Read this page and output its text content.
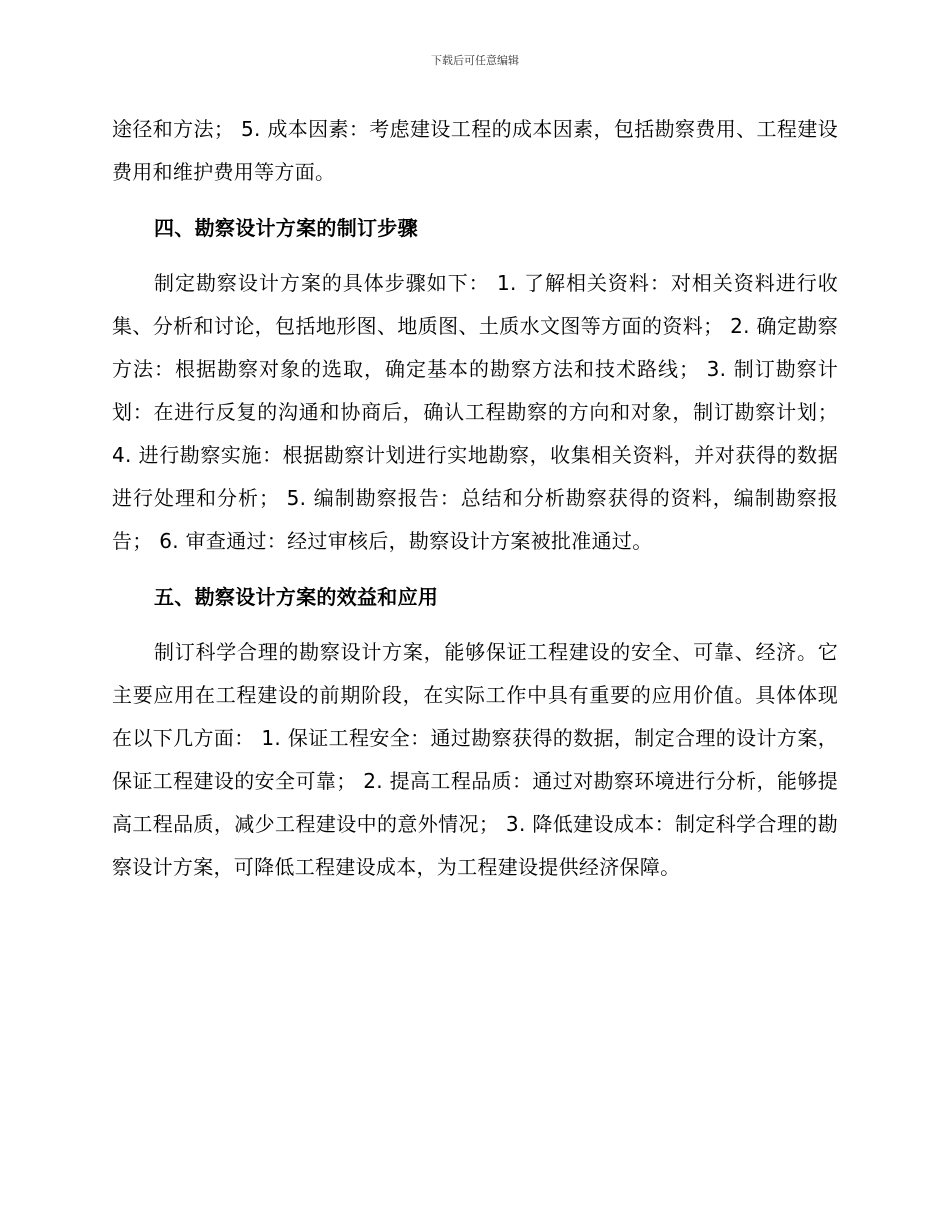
下载后可任意编辑

途径和方法； 5. 成本因素：考虑建设工程的成本因素，包括勘察费用、工程建设费用和维护费用等方面。

四、勘察设计方案的制订步骤

制定勘察设计方案的具体步骤如下： 1. 了解相关资料：对相关资料进行收集、分析和讨论，包括地形图、地质图、土质水文图等方面的资料； 2. 确定勘察方法：根据勘察对象的选取，确定基本的勘察方法和技术路线； 3. 制订勘察计划：在进行反复的沟通和协商后，确认工程勘察的方向和对象，制订勘察计划； 4. 进行勘察实施：根据勘察计划进行实地勘察，收集相关资料，并对获得的数据进行处理和分析； 5. 编制勘察报告：总结和分析勘察获得的资料，编制勘察报告； 6. 审查通过：经过审核后，勘察设计方案被批准通过。

五、勘察设计方案的效益和应用

制订科学合理的勘察设计方案，能够保证工程建设的安全、可靠、经济。它主要应用在工程建设的前期阶段，在实际工作中具有重要的应用价值。具体体现在以下几方面： 1. 保证工程安全：通过勘察获得的数据，制定合理的设计方案，保证工程建设的安全可靠； 2. 提高工程品质：通过对勘察环境进行分析，能够提高工程品质，减少工程建设中的意外情况； 3. 降低建设成本：制定科学合理的勘察设计方案，可降低工程建设成本，为工程建设提供经济保障。
